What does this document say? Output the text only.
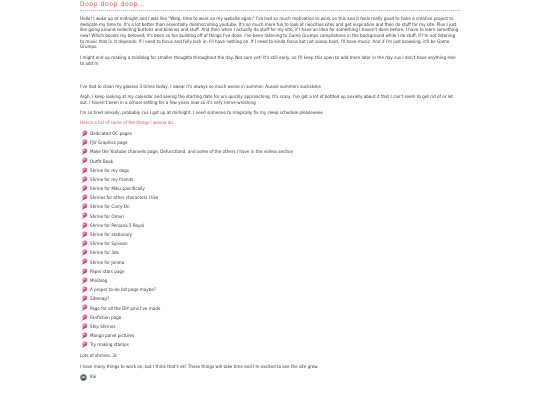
Doop doop doop...

Hello! I woke up at midnight and I was like "Welp, time to work on my website again" I've had so much motivation to work on this and it feels really good to have a creative project to dedicate my time to. It's a lot better than essentially doomscrolling youtube. It's so much more fun to look at neocities sites and get inspiration and then do stuff for my site. Plus I just like going around collecting buttons and blinkies and stuff. And then when I actually do stuff for my site, if I have an idea for something I haven't done before, I have to learn something new! Which boosts my beloved, it's been so fun building off of things I've done. I've been listening to Game Grumps compilations in the background while I do stuff, if I'm not listening to music that is. It depends, if I need to focus and fully lock in, I'll have nothing on. If I need to kinda focus but not soooo hard, I'll have music. And if I'm just browsing, it'll be Game Grumps.

I might end up making a miniblog for smaller thoughts throughout the day. Not sure yet! It's still early, so I'll keep this open to add more later in the day cus I don't have anything else to add rn

I've had to clean my glasses 3 times today, I swear it's always so much worse in summer. Aussie summers sucksksks

Argh, I keep looking at my calendar and seeing the starting date for uni quickly approaching. It's scary. I've got a lot of bottled up anxiety about it that I can't seem to get rid of or let out. I haven't been in a school setting for a few years now so it's very nerve-wrecking

I'm so tired already, probably cus I got up at midnight. I need someone to magically fix my sleep schedule pleaseeeee

Here's a list of some of the things I wanna do:

Dedicated OC pages
FJU Graphics page
Make the Youtube channels page, Defunctland, and some of the others I have in the videos section
Outfit Book
Shrine for my dogs
Shrine for my friends
Shrine for Miku specifically
Shrines for other characters I like
Shrine for Carry On
Shrine for Omori
Shrine for Persona 5 Royal
Shrine for stationary
Shrine for Sylveon
Shrine for 3ds
Shrine for Jonma
Paper stars page
Miniblog
A proper to-do list page maybe?
Sitemap?
Page for all the DIY pins I've made
Fanfiction page
Ship Shrines
Manga panel pictures
Try making stamps

Lots of shrines. 3c

I have many things to work on, but I think that's ok! These things will take time and I'm excited to see the site grow

Kai
